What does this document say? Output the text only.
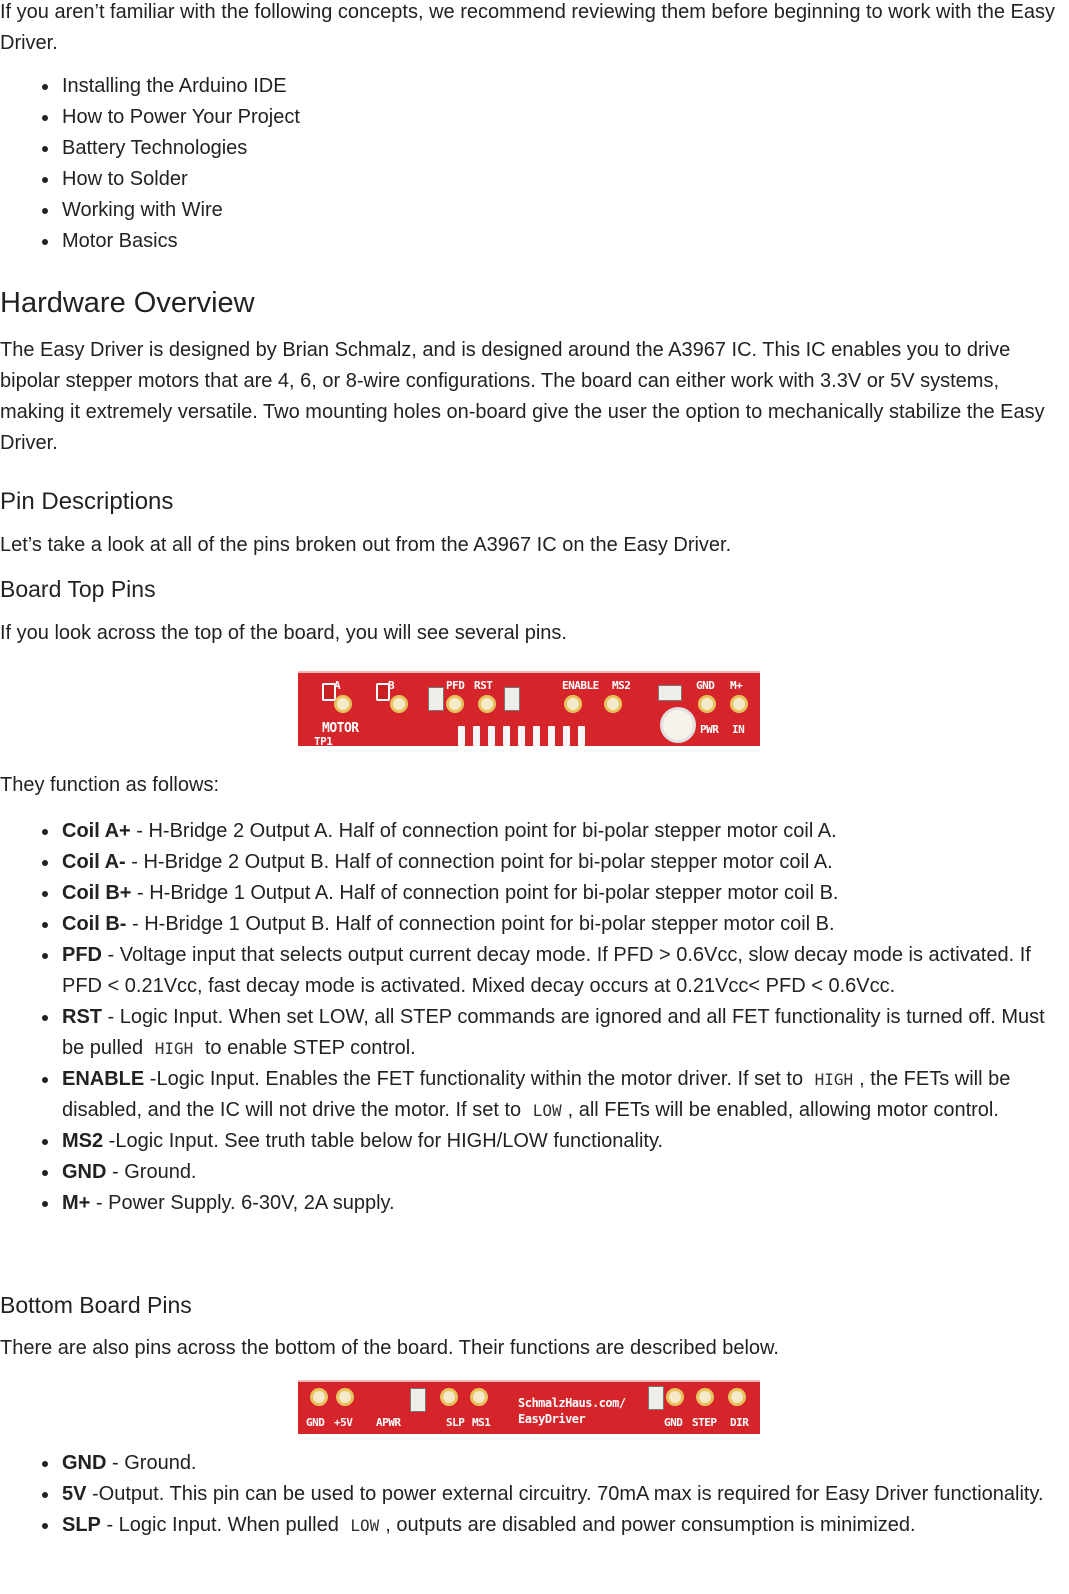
If you aren’t familiar with the following concepts, we recommend reviewing them before beginning to work with the Easy Driver.

Installing the Arduino IDE
How to Power Your Project
Battery Technologies
How to Solder
Working with Wire
Motor Basics
Hardware Overview

The Easy Driver is designed by Brian Schmalz, and is designed around the A3967 IC. This IC enables you to drive bipolar stepper motors that are 4, 6, or 8-wire configurations. The board can either work with 3.3V or 5V systems, making it extremely versatile. Two mounting holes on-board give the user the option to mechanically stabilize the Easy Driver.

Pin Descriptions

Let’s take a look at all of the pins broken out from the A3967 IC on the Easy Driver.

Board Top Pins

If you look across the top of the board, you will see several pins.

A	B	PFD RST	ENABLE MS2	GND M+
MOTOR
TP1
PWR IN

They function as follows:

Coil A+ - H-Bridge 2 Output A. Half of connection point for bi-polar stepper motor coil A.
Coil A- - H-Bridge 2 Output B. Half of connection point for bi-polar stepper motor coil A.
Coil B+ - H-Bridge 1 Output A. Half of connection point for bi-polar stepper motor coil B.
Coil B- - H-Bridge 1 Output B. Half of connection point for bi-polar stepper motor coil B.
PFD - Voltage input that selects output current decay mode. If PFD > 0.6Vcc, slow decay mode is activated. If PFD < 0.21Vcc, fast decay mode is activated. Mixed decay occurs at 0.21Vcc< PFD < 0.6Vcc.
RST - Logic Input. When set LOW, all STEP commands are ignored and all FET functionality is turned off. Must be pulled HIGH to enable STEP control.
ENABLE -Logic Input. Enables the FET functionality within the motor driver. If set to HIGH , the FETs will be disabled, and the IC will not drive the motor. If set to LOW , all FETs will be enabled, allowing motor control.
MS2 -Logic Input. See truth table below for HIGH/LOW functionality.
GND - Ground.
M+ - Power Supply. 6-30V, 2A supply.
Bottom Board Pins

There are also pins across the bottom of the board. Their functions are described below.

GND +5V APWR	SLP MS1
SchmalzHaus.com/
EasyDriver	GND STEP DIR
GND - Ground.
5V -Output. This pin can be used to power external circuitry. 70mA max is required for Easy Driver functionality.
SLP - Logic Input. When pulled LOW , outputs are disabled and power consumption is minimized.
